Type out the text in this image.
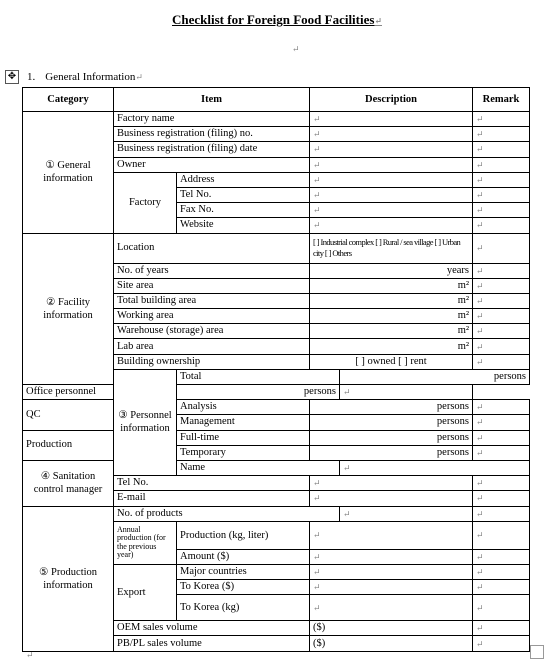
Checklist for Foreign Food Facilities↵
↵
✥ 1. General Information ↵
Category	Item		Description		Remark	
① General information	Factory name		↵		↵	
	Business registration (filing) no.		↵		↵	
	Business registration (filing) date		↵		↵	
	Owner		↵		↵	
	Factory	Address	↵		↵	
		Tel No.	↵		↵	
		Fax No.	↵		↵	
		Website	↵		↵	
② Facility information	Location		[ ] Industrial complex [ ] Rural / sea village [ ] Urban city [ ] Others		↵	
	No. of years		years		↵	
	Site area		m²		↵	
	Total building area		m²		↵	
	Working area		m²		↵	
	Warehouse (storage) area		m²		↵	
	Lab area		m²		↵	
	Building ownership		[ ] owned [ ] rent		↵	
	③ Personnel information	Total		persons	
Office personnel		persons		↵		
QC		Analysis	persons		↵	
		Management	persons		↵	
Production		Full-time	persons		↵	
		Temporary	persons		↵	
④ Sanitation control manager		Name		↵	
	Tel No.		↵		↵	
	E-mail		↵		↵	
⑤ Production information	No. of products			↵	↵	
	Annual production (for the previous year)	Production (kg, liter)	↵		↵	
		Amount ($)	↵		↵	
	Export	Major countries	↵		↵	
		To Korea ($)	↵		↵	
		To Korea (kg)	↵		↵	
	OEM sales volume		($)		↵	
	PB/PL sales volume		($)		↵	
↵
